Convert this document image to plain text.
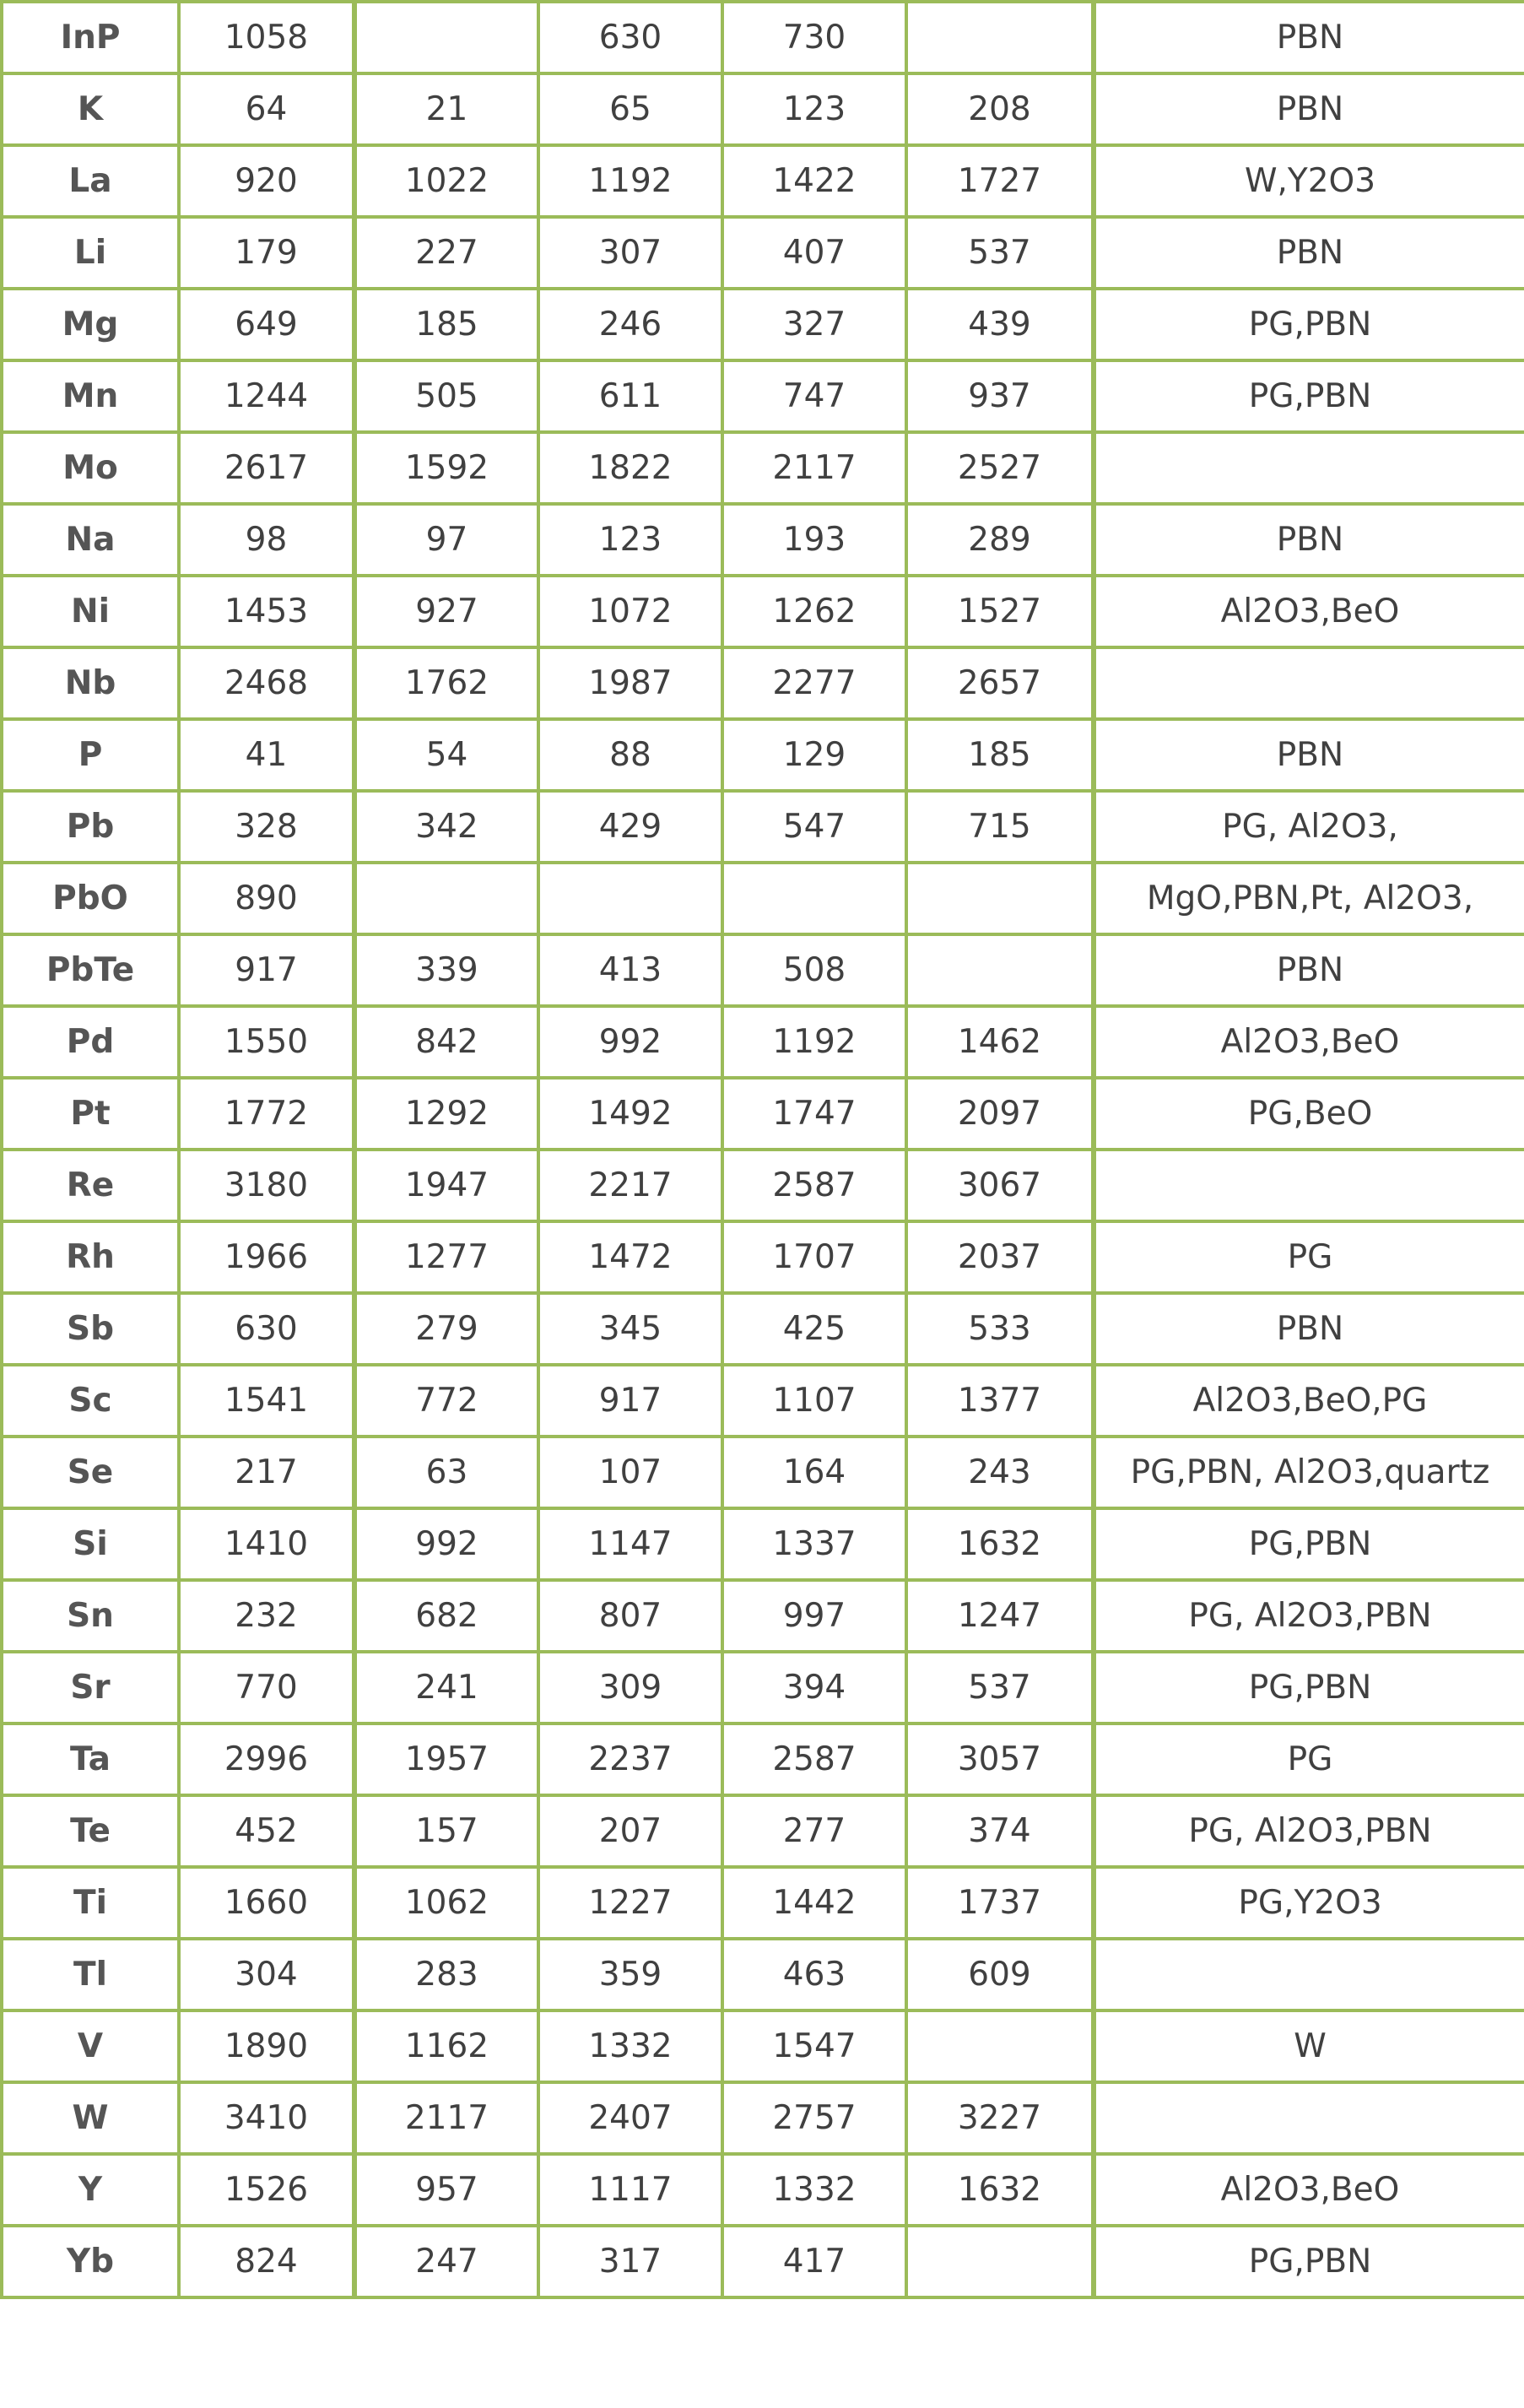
InP	1058		630	730		PBN
K	64	21	65	123	208	PBN
La	920	1022	1192	1422	1727	W,Y2O3
Li	179	227	307	407	537	PBN
Mg	649	185	246	327	439	PG,PBN
Mn	1244	505	611	747	937	PG,PBN
Mo	2617	1592	1822	2117	2527	
Na	98	97	123	193	289	PBN
Ni	1453	927	1072	1262	1527	Al2O3,BeO
Nb	2468	1762	1987	2277	2657	
P	41	54	88	129	185	PBN
Pb	328	342	429	547	715	PG, Al2O3,
PbO	890					MgO,PBN,Pt, Al2O3,
PbTe	917	339	413	508		PBN
Pd	1550	842	992	1192	1462	Al2O3,BeO
Pt	1772	1292	1492	1747	2097	PG,BeO
Re	3180	1947	2217	2587	3067	
Rh	1966	1277	1472	1707	2037	PG
Sb	630	279	345	425	533	PBN
Sc	1541	772	917	1107	1377	Al2O3,BeO,PG
Se	217	63	107	164	243	PG,PBN, Al2O3,quartz
Si	1410	992	1147	1337	1632	PG,PBN
Sn	232	682	807	997	1247	PG, Al2O3,PBN
Sr	770	241	309	394	537	PG,PBN
Ta	2996	1957	2237	2587	3057	PG
Te	452	157	207	277	374	PG, Al2O3,PBN
Ti	1660	1062	1227	1442	1737	PG,Y2O3
Tl	304	283	359	463	609	
V	1890	1162	1332	1547		W
W	3410	2117	2407	2757	3227	
Y	1526	957	1117	1332	1632	Al2O3,BeO
Yb	824	247	317	417		PG,PBN
